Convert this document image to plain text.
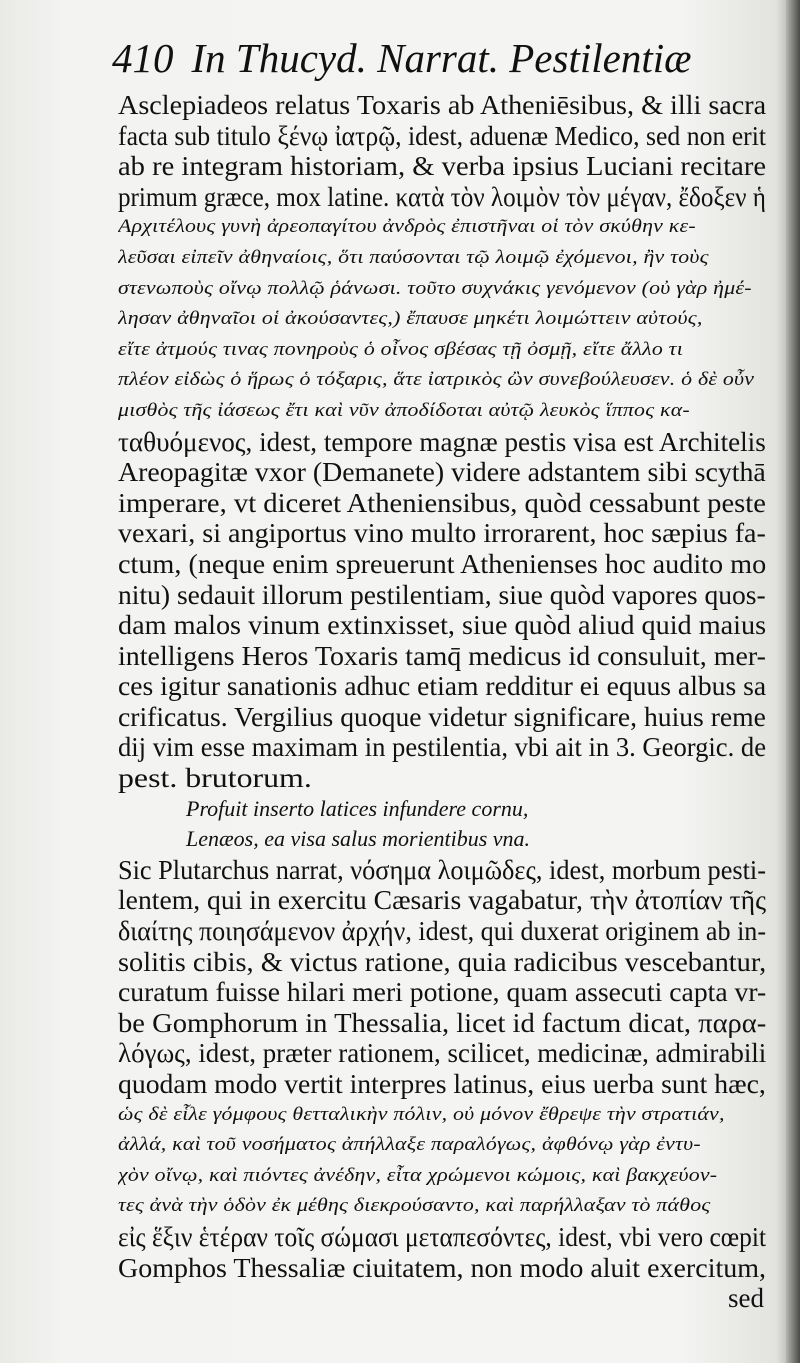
410 In Thucyd. Narrat. Pestilentiæ
Asclepiadeos relatus Toxaris ab Atheniēsibus, & illi sacra
facta sub titulo ξένῳ ἰατρῷ, idest, aduenæ Medico, sed non erit
ab re integram historiam, & verba ipsius Luciani recitare
primum græce, mox latine. κατὰ τὸν λοιμὸν τὸν μέγαν, ἔδοξεν ἡ
Αρχιτέλους γυνὴ ἀρεοπαγίτου ἀνδρὸς ἐπιστῆναι οἱ τὸν σκύθην κε-
λεῦσαι εἰπεῖν ἀθηναίοις, ὅτι παύσονται τῷ λοιμῷ ἐχόμενοι, ἢν τοὺς
στενωποὺς οἴνῳ πολλῷ ῥάνωσι. τοῦτο συχνάκις γενόμενον (οὐ γὰρ ἠμέ-
λησαν ἀθηναῖοι οἱ ἀκούσαντες,) ἔπαυσε μηκέτι λοιμώττειν αὐτούς,
εἴτε ἀτμούς τινας πονηροὺς ὁ οἶνος σβέσας τῇ ὀσμῇ, εἴτε ἄλλο τι
πλέον εἰδὼς ὁ ἥρως ὁ τόξαρις, ἅτε ἰατρικὸς ὢν συνεβούλευσεν. ὁ δὲ οὖν
μισθὸς τῆς ἰάσεως ἔτι καὶ νῦν ἀποδίδοται αὐτῷ λευκὸς ἵππος κα-
ταθυόμενος, idest, tempore magnæ pestis visa est Architelis
Areopagitæ vxor (Demanete) videre adstantem sibi scythā
imperare, vt diceret Atheniensibus, quòd cessabunt peste
vexari, si angiportus vino multo irrorarent, hoc sæpius fa-
ctum, (neque enim spreuerunt Athenienses hoc audito mo
nitu) sedauit illorum pestilentiam, siue quòd vapores quos-
dam malos vinum extinxisset, siue quòd aliud quid maius
intelligens Heros Toxaris tamq̄ medicus id consuluit, mer-
ces igitur sanationis adhuc etiam redditur ei equus albus sa
crificatus. Vergilius quoque videtur significare, huius reme
dij vim esse maximam in pestilentia, vbi ait in 3. Georgic. de
pest. brutorum.
Profuit inserto latices infundere cornu,
Lenæos, ea visa salus morientibus vna.
Sic Plutarchus narrat, νόσημα λοιμῶδες, idest, morbum pesti-
lentem, qui in exercitu Cæsaris vagabatur, τὴν ἀτοπίαν τῆς
διαίτης ποιησάμενον ἀρχήν, idest, qui duxerat originem ab in-
solitis cibis, & victus ratione, quia radicibus vescebantur,
curatum fuisse hilari meri potione, quam assecuti capta vr-
be Gomphorum in Thessalia, licet id factum dicat, παρα-
λόγως, idest, præter rationem, scilicet, medicinæ, admirabili
quodam modo vertit interpres latinus, eius uerba sunt hæc,
ὡς δὲ εἷλε γόμφους θετταλικὴν πόλιν, οὐ μόνον ἔθρεψε τὴν στρατιάν,
ἀλλά, καὶ τοῦ νοσήματος ἀπήλλαξε παραλόγως, ἀφθόνῳ γὰρ ἐντυ-
χὸν οἴνῳ, καὶ πιόντες ἀνέδην, εἶτα χρώμενοι κώμοις, καὶ βακχεύον-
τες ἀνὰ τὴν ὁδὸν ἐκ μέθης διεκρούσαντο, καὶ παρήλλαξαν τὸ πάθος
εἰς ἕξιν ἑτέραν τοῖς σώμασι μεταπεσόντες, idest, vbi vero cœpit
Gomphos Thessaliæ ciuitatem, non modo aluit exercitum,
sed
